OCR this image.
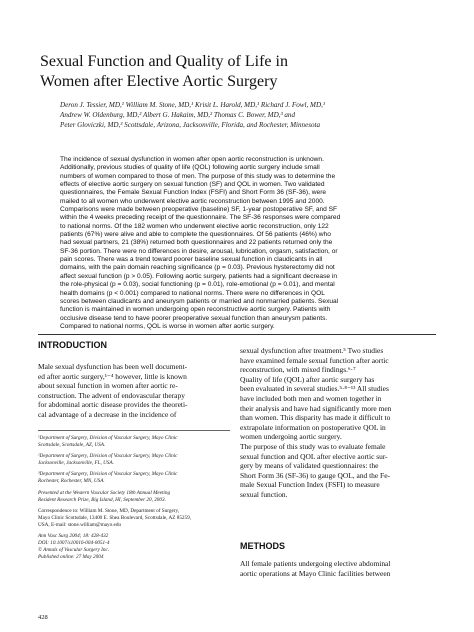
Sexual Function and Quality of Life in
Women after Elective Aortic Surgery
Deron J. Tessier, MD,¹ William M. Stone, MD,¹ Krisit L. Harold, MD,¹ Richard J. Fowl, MD,¹
Andrew W. Oldenburg, MD,² Albert G. Hakaim, MD,² Thomas C. Bower, MD,³ and
Peter Gloviczki, MD,³ Scottsdale, Arizona, Jacksonville, Florida, and Rochester, Minnesota
The incidence of sexual dysfunction in women after open aortic reconstruction is unknown.
Additionally, previous studies of quality of life (QOL) following aortic surgery include small
numbers of women compared to those of men. The purpose of this study was to determine the
effects of elective aortic surgery on sexual function (SF) and QOL in women. Two validated
questionnaires, the Female Sexual Function Index (FSFI) and Short Form 36 (SF-36), were
mailed to all women who underwent elective aortic reconstruction between 1995 and 2000.
Comparisons were made between preoperative (baseline) SF, 1-year postoperative SF, and SF
within the 4 weeks preceding receipt of the questionnaire. The SF-36 responses were compared
to national norms. Of the 182 women who underwent elective aortic reconstruction, only 122
patients (67%) were alive and able to complete the questionnaires. Of 56 patients (46%) who
had sexual partners, 21 (38%) returned both questionnaires and 22 patients returned only the
SF-36 portion. There were no differences in desire, arousal, lubrication, orgasm, satisfaction, or
pain scores. There was a trend toward poorer baseline sexual function in claudicants in all
domains, with the pain domain reaching significance (p = 0.03). Previous hysterectomy did not
affect sexual function (p > 0.05). Following aortic surgery, patients had a significant decrease in
the role-physical (p = 0.03), social functioning (p = 0.01), role-emotional (p = 0.01), and mental
health domains (p < 0.001) compared to national norms. There were no differences in QOL
scores between claudicants and aneurysm patients or married and nonmarried patients. Sexual
function is maintained in women undergoing open reconstructive aortic surgery. Patients with
occlusive disease tend to have poorer preoperative sexual function than aneurysm patients.
Compared to national norms, QOL is worse in women after aortic surgery.
INTRODUCTION
Male sexual dysfunction has been well document-
ed after aortic surgery,¹⁻⁴ however, little is known
about sexual function in women after aortic re-
construction. The advent of endovascular therapy
for abdominal aortic disease provides the theoreti-
cal advantage of a decrease in the incidence of
¹Department of Surgery, Division of Vascular Surgery, Mayo Clinic
Scottsdale, Scottsdale, AZ, USA.
²Department of Surgery, Division of Vascular Surgery, Mayo Clinic
Jacksonville, Jacksonville, FL, USA.
³Department of Surgery, Division of Vascular Surgery, Mayo Clinic
Rochester, Rochester, MN, USA.
Presented at the Western Vascular Society 18th Annual Meeting
Resident Research Prize, Big Island, HI, September 20, 2003.
Correspondence to: William M. Stone, MD, Department of Surgery,
Mayo Clinic Scottsdale, 13400 E. Shea Boulevard, Scottsdale, AZ 85259,
USA, E-mail: stone.william@mayo.edu
Ann Vasc Surg 2004; 18: 428-432
DOI: 10.1007/s10016-004-0051-4
© Annals of Vascular Surgery Inc.
Published online: 27 May 2004
sexual dysfunction after treatment.⁵ Two studies
have examined female sexual function after aortic
reconstruction, with mixed findings.⁶·⁷
Quality of life (QOL) after aortic surgery has
been evaluated in several studies.⁵·⁸⁻¹³ All studies
have included both men and women together in
their analysis and have had significantly more men
than women. This disparity has made it difficult to
extrapolate information on postoperative QOL in
women undergoing aortic surgery.
The purpose of this study was to evaluate female
sexual function and QOL after elective aortic sur-
gery by means of validated questionnaires: the
Short Form 36 (SF-36) to gauge QOL, and the Fe-
male Sexual Function Index (FSFI) to measure
sexual function.
METHODS
All female patients undergoing elective abdominal
aortic operations at Mayo Clinic facilities between
428
